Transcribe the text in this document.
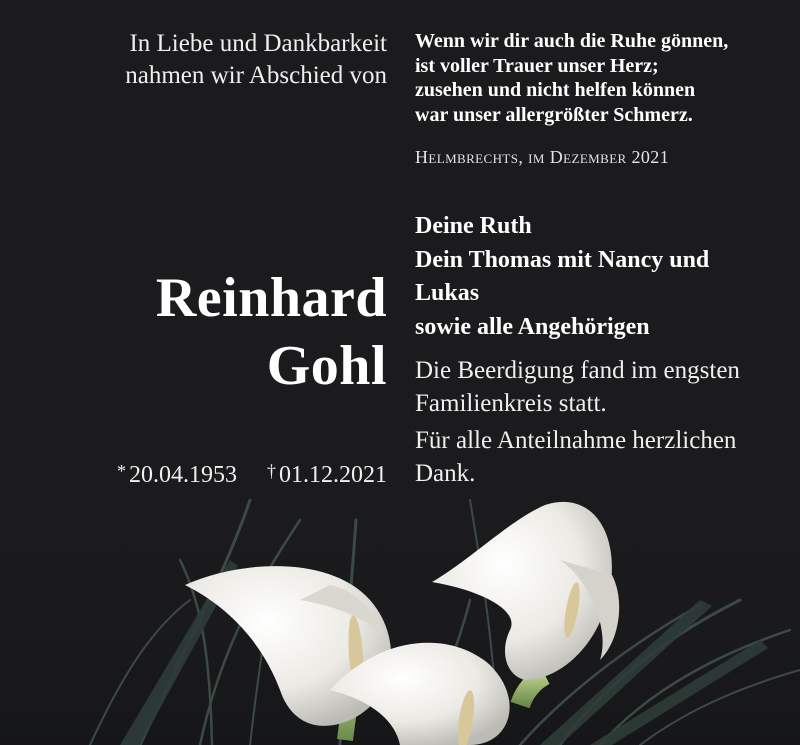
In Liebe und Dankbarkeit
nahmen wir Abschied von
Reinhard
Gohl
* 20.04.1953 † 01.12.2021
Wenn wir dir auch die Ruhe gönnen,
ist voller Trauer unser Herz;
zusehen und nicht helfen können
war unser allergrößter Schmerz.
Helmbrechts, im Dezember 2021
Deine Ruth
Dein Thomas mit Nancy und
Lukas
sowie alle Angehörigen

Die Beerdigung fand im engsten
Familienkreis statt.

Für alle Anteilnahme herzlichen
Dank.
